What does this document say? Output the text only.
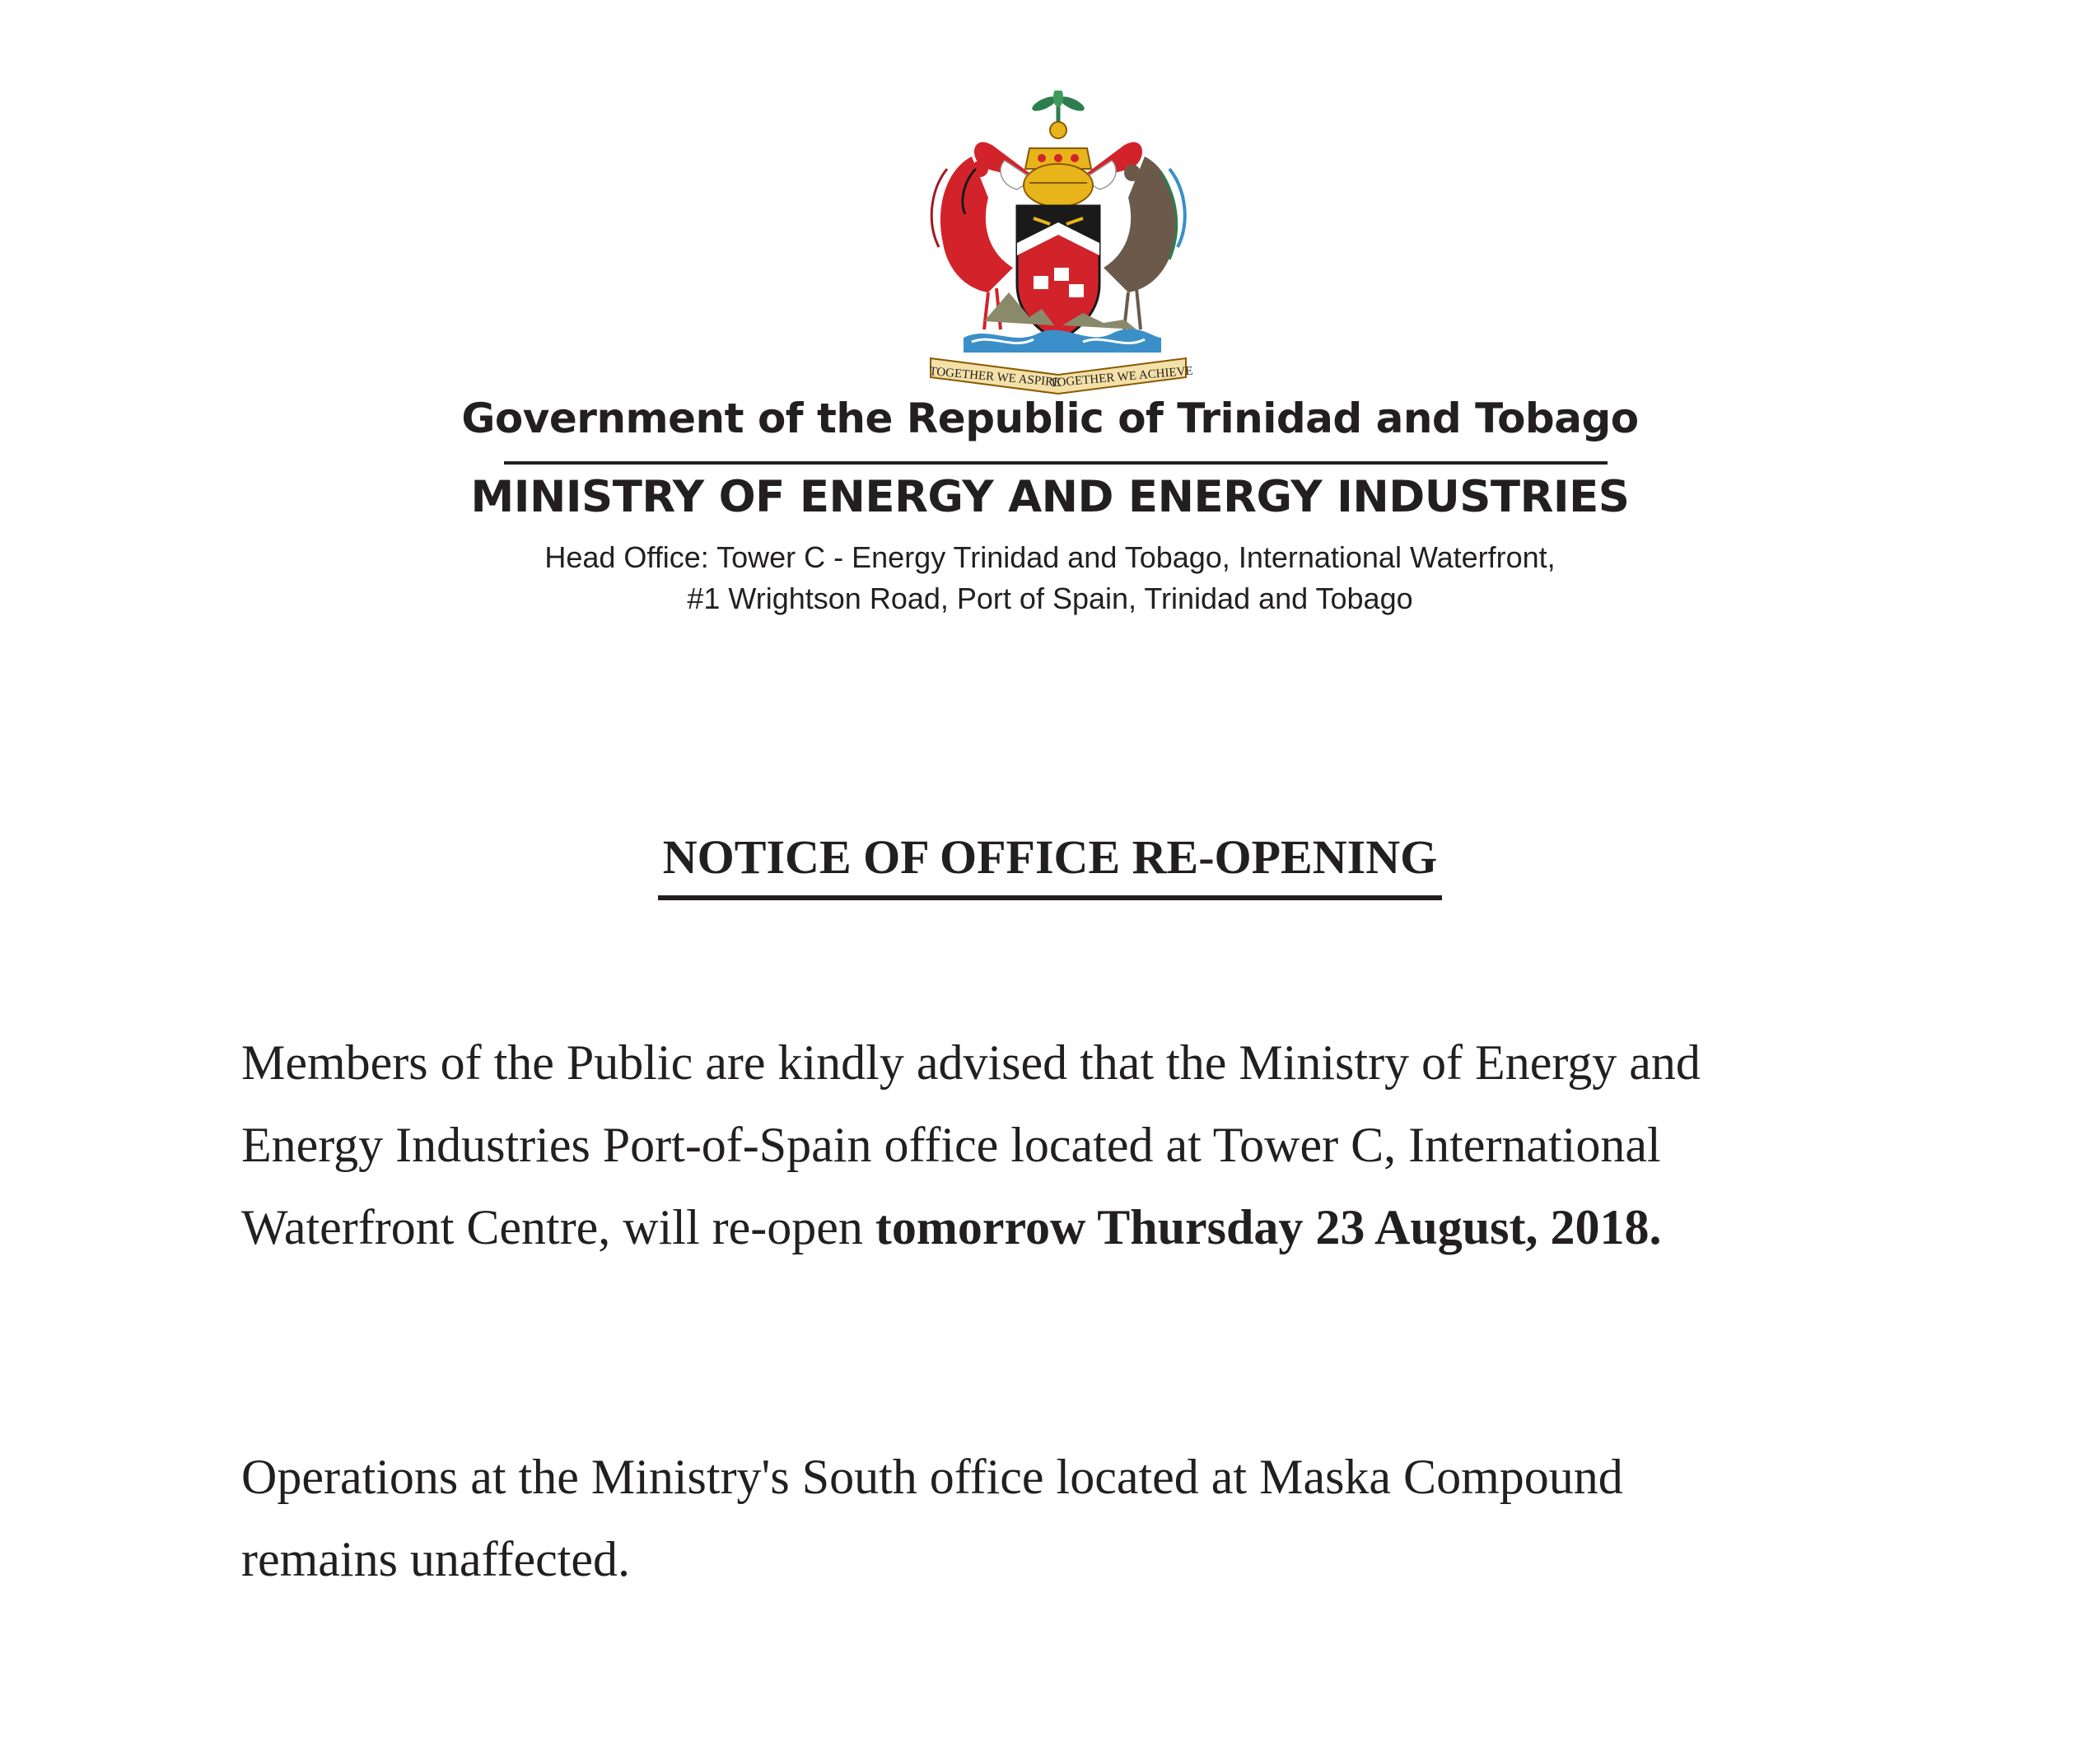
TOGETHER WE ASPIRE
TOGETHER WE ACHIEVE
Government of the Republic of Trinidad and Tobago
MINISTRY OF ENERGY AND ENERGY INDUSTRIES
Head Office: Tower C - Energy Trinidad and Tobago, International Waterfront,
#1 Wrightson Road, Port of Spain, Trinidad and Tobago
NOTICE OF OFFICE RE-OPENING
Members of the Public are kindly advised that the Ministry of Energy and
Energy Industries Port-of-Spain office located at Tower C, International
Waterfront Centre, will re-open tomorrow Thursday 23 August, 2018.
Operations at the Ministry's South office located at Maska Compound
remains unaffected.
